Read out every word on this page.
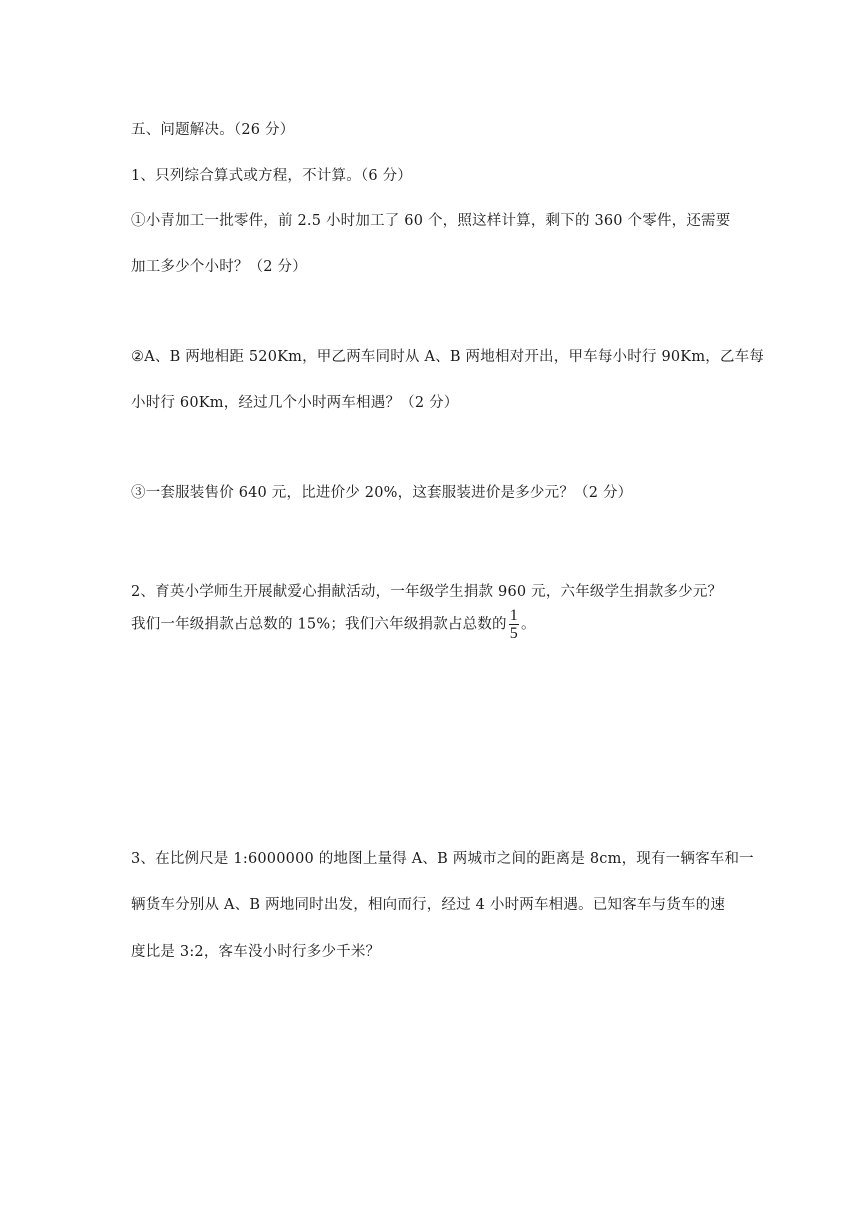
五、问题解决。（26 分）
1、只列综合算式或方程，不计算。（6 分）
①小青加工一批零件，前 2.5 小时加工了 60 个，照这样计算，剩下的 360 个零件，还需要
加工多少个小时？（2 分）
②A、B 两地相距 520Km，甲乙两车同时从 A、B 两地相对开出，甲车每小时行 90Km，乙车每
小时行 60Km，经过几个小时两车相遇？（2 分）
③一套服装售价 640 元，比进价少 20%，这套服装进价是多少元？（2 分）
2、育英小学师生开展献爱心捐献活动，一年级学生捐款 960 元，六年级学生捐款多少元？
我们一年级捐款占总数的 15%；我们六年级捐款占总数的 $\frac{1}{5}$ 。
3、在比例尺是 1:6000000 的地图上量得 A、B 两城市之间的距离是 8cm，现有一辆客车和一
辆货车分别从 A、B 两地同时出发，相向而行，经过 4 小时两车相遇。已知客车与货车的速
度比是 3:2，客车没小时行多少千米？
